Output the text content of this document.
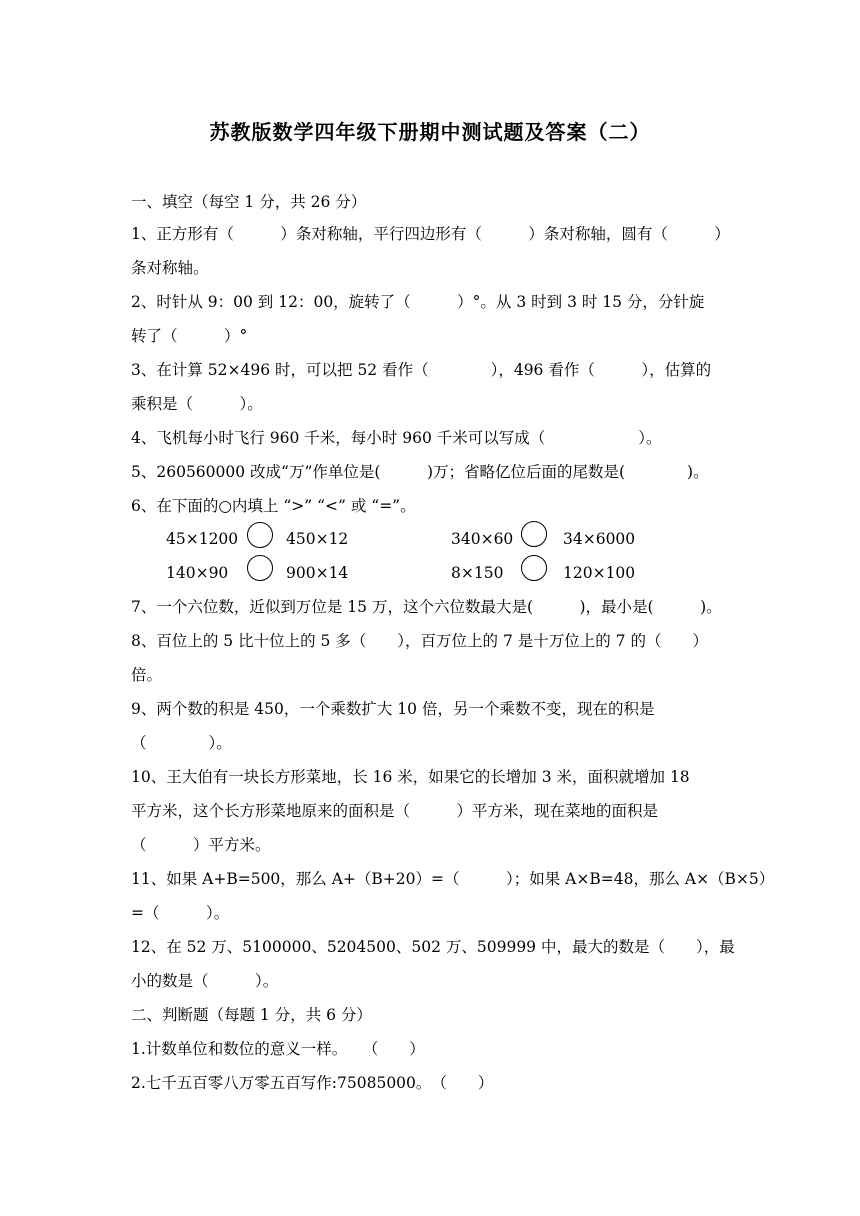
苏教版数学四年级下册期中测试题及答案（二）
一、填空（每空 1 分，共 26 分）
1、正方形有（　　　）条对称轴，平行四边形有（　　　）条对称轴，圆有（　　　）
条对称轴。
2、时针从 9：00 到 12：00，旋转了（　　　）°。从 3 时到 3 时 15 分，分针旋
转了（　　　）°
3、在计算 52×496 时，可以把 52 看作（　　　　），496 看作（　　　），估算的
乘积是（　　　）。
4、飞机每小时飞行 960 千米，每小时 960 千米可以写成（　　　　　　）。
5、260560000 改成“万”作单位是(　　　)万；省略亿位后面的尾数是(　　　　)。
6、在下面的○内填上 “>” “<” 或 “=”。
45×1200	450×12	340×60	34×6000
140×90	900×14	8×150	120×100
7、一个六位数，近似到万位是 15 万，这个六位数最大是(　　　)，最小是(　　　)。
8、百位上的 5 比十位上的 5 多（　　），百万位上的 7 是十万位上的 7 的（　　）
倍。
9、两个数的积是 450，一个乘数扩大 10 倍，另一个乘数不变，现在的积是
（　　　　）。
10、王大伯有一块长方形菜地，长 16 米，如果它的长增加 3 米，面积就增加 18
平方米，这个长方形菜地原来的面积是（　　　）平方米，现在菜地的面积是
（　　　）平方米。
11、如果 A+B=500，那么 A+（B+20）=（　　　）；如果 A×B=48，那么 A×（B×5）
=（　　　）。
12、在 52 万、5100000、5204500、502 万、509999 中，最大的数是（　　），最
小的数是（　　　）。
二、判断题（每题 1 分，共 6 分）
1.计数单位和数位的意义一样。　　（　　）
2.七千五百零八万零五百写作:75085000。　（　　）
